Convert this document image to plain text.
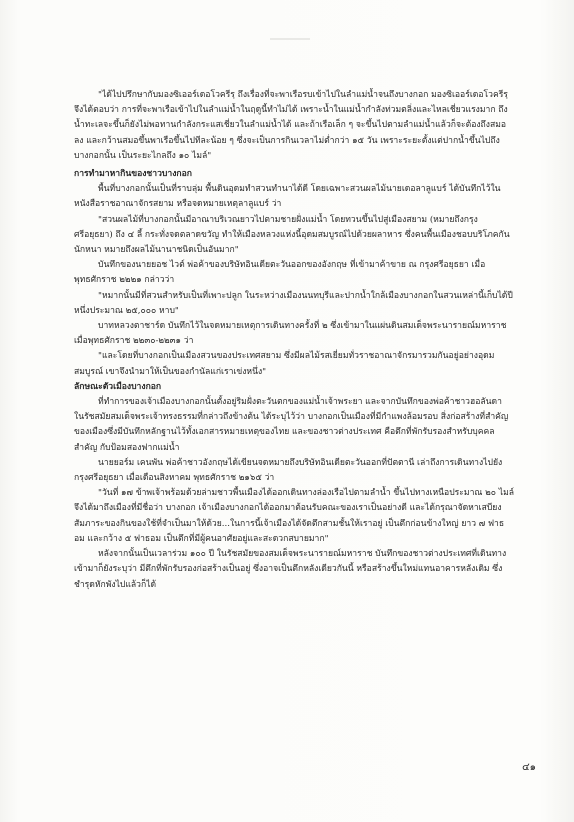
"ได้ไปปรึกษากับมองซิเออร์เดอโวครีรฺ ถึงเรื่องที่จะพาเรือรบเข้าไปในลำแม่น้ำจนถึงบางกอก มองซิเออร์เดอโวครีรฺ จึงได้ตอบว่า การที่จะพาเรือเข้าไปในลำแม่น้ำในฤดูนี้ทำไม่ได้ เพราะน้ำในแม่น้ำกำลังท่วมตลิ่งและไหลเชี่ยวแรงมาก ถึงน้ำทะเลจะขึ้นก็ยังไม่พอทานกำลังกระแสเชี่ยวในลำแม่น้ำได้ และถ้าเรือเล็ก ๆ จะขึ้นไปตามลำแม่น้ำแล้วก็จะต้องถึงสมอลง และกว้านสมอขึ้นพาเรือขึ้นไปทีละน้อย ๆ ซึ่งจะเป็นการกินเวลาไม่ต่ำกว่า ๑๕ วัน เพราะระยะตั้งแต่ปากน้ำขึ้นไปถึงบางกอกนั้น เป็นระยะไกลถึง ๑๐ ไมล์"

การทำมาหากินของชาวบางกอก

พื้นที่บางกอกนั้นเป็นที่ราบลุ่ม พื้นดินอุดมทำสวนทำนาได้ดี โดยเฉพาะสวนผลไม้นายเดอลาลูแบร์ ได้บันทึกไว้ในหนังสือราชอาณาจักรสยาม หรือจดหมายเหตุลาลูแบร์ ว่า

"สวนผลไม้ที่บางกอกนั้นมีอาณาบริเวณยาวไปตามชายฝั่งแม่น้ำ โดยทวนขึ้นไปสู่เมืองสยาม (หมายถึงกรุงศรีอยุธยา) ถึง ๔ ลี้ กระทั่งจดตลาดขวัญ ทำให้เมืองหลวงแห่งนี้อุดมสมบูรณ์ไปด้วยผลาหาร ซึ่งคนพื้นเมืองชอบบริโภคกันนักหนา หมายถึงผลไม้นานาชนิดเป็นอันมาก"

บันทึกของนายยอช ไวต์ พ่อค้าของบริษัทอินเดียตะวันออกของอังกฤษ ที่เข้ามาค้าขาย ณ กรุงศรีอยุธยา เมื่อพุทธศักราช ๒๒๒๑ กล่าวว่า

"หมากนั้นมีที่สวนสำหรับเป็นที่เพาะปลูก ในระหว่างเมืองนนทบุรีและปากน้ำใกล้เมืองบางกอกในสวนเหล่านี้เก็บได้ปีหนึ่งประมาณ ๒๕,๐๐๐ หาบ"

บาทหลวงตาชาร์ด บันทึกไว้ในจดหมายเหตุการเดินทางครั้งที่ ๒ ซึ่งเข้ามาในแผ่นดินสมเด็จพระนารายณ์มหาราช เมื่อพุทธศักราช ๒๒๓๐-๒๒๓๑ ว่า

"และโดยที่บางกอกเป็นเมืองสวนของประเทศสยาม ซึ่งมีผลไม้รสเยี่ยมทั่วราชอาณาจักรมารวมกันอยู่อย่างอุดมสมบูรณ์ เขาจึงนำมาให้เป็นของกำนัลแก่เราเข่งหนึ่ง"

ลักษณะตัวเมืองบางกอก

ที่ทำการของเจ้าเมืองบางกอกนั้นตั้งอยู่ริมฝั่งตะวันตกของแม่น้ำเจ้าพระยา และจากบันทึกของพ่อค้าชาวฮอลันดา ในรัชสมัยสมเด็จพระเจ้าทรงธรรมที่กล่าวถึงข้างต้น ได้ระบุไว้ว่า บางกอกเป็นเมืองที่มีกำแพงล้อมรอบ สิ่งก่อสร้างที่สำคัญของเมืองซึ่งมีบันทึกหลักฐานไว้ทั้งเอกสารหมายเหตุของไทย และของชาวต่างประเทศ คือตึกที่พักรับรองสำหรับบุคคลสำคัญ กับป้อมสองฟากแม่น้ำ

นายยอร์ม เคนพัน พ่อค้าชาวอังกฤษได้เขียนจดหมายถึงบริษัทอินเดียตะวันออกที่ปัตตานี เล่าถึงการเดินทางไปยังกรุงศรีอยุธยา เมื่อเดือนสิงหาคม พุทธศักราช ๒๑๖๕ ว่า

"วันที่ ๑๗ ข้าพเจ้าพร้อมด้วยล่ามชาวพื้นเมืองได้ออกเดินทางล่องเรือไปตามลำน้ำ ขึ้นไปทางเหนือประมาณ ๒๐ ไมล์ จึงได้มาถึงเมืองที่มีชื่อว่า บางกอก เจ้าเมืองบางกอกได้ออกมาต้อนรับคณะของเราเป็นอย่างดี และได้กรุณาจัดหาเสบียงสัมภาระของกินของใช้ที่จำเป็นมาให้ด้วย...ในการนี้เจ้าเมืองได้จัดตึกสามชั้นให้เราอยู่ เป็นตึกก่อนข้างใหญ่ ยาว ๗ ฟาธอม และกว้าง ๕ ฟาธอม เป็นตึกที่มีผู้คนอาศัยอยู่และสะดวกสบายมาก"

หลังจากนั้นเป็นเวลาร่วม ๑๐๐ ปี ในรัชสมัยของสมเด็จพระนารายณ์มหาราช บันทึกของชาวต่างประเทศที่เดินทางเข้ามาก็ยังระบุว่า มีตึกที่พักรับรองก่อสร้างเป็นอยู่ ซึ่งอาจเป็นตึกหลังเดียวกันนี้ หรือสร้างขึ้นใหม่แทนอาคารหลังเดิม ซึ่งชำรุดหักพังไปแล้วก็ได้

๔๑
